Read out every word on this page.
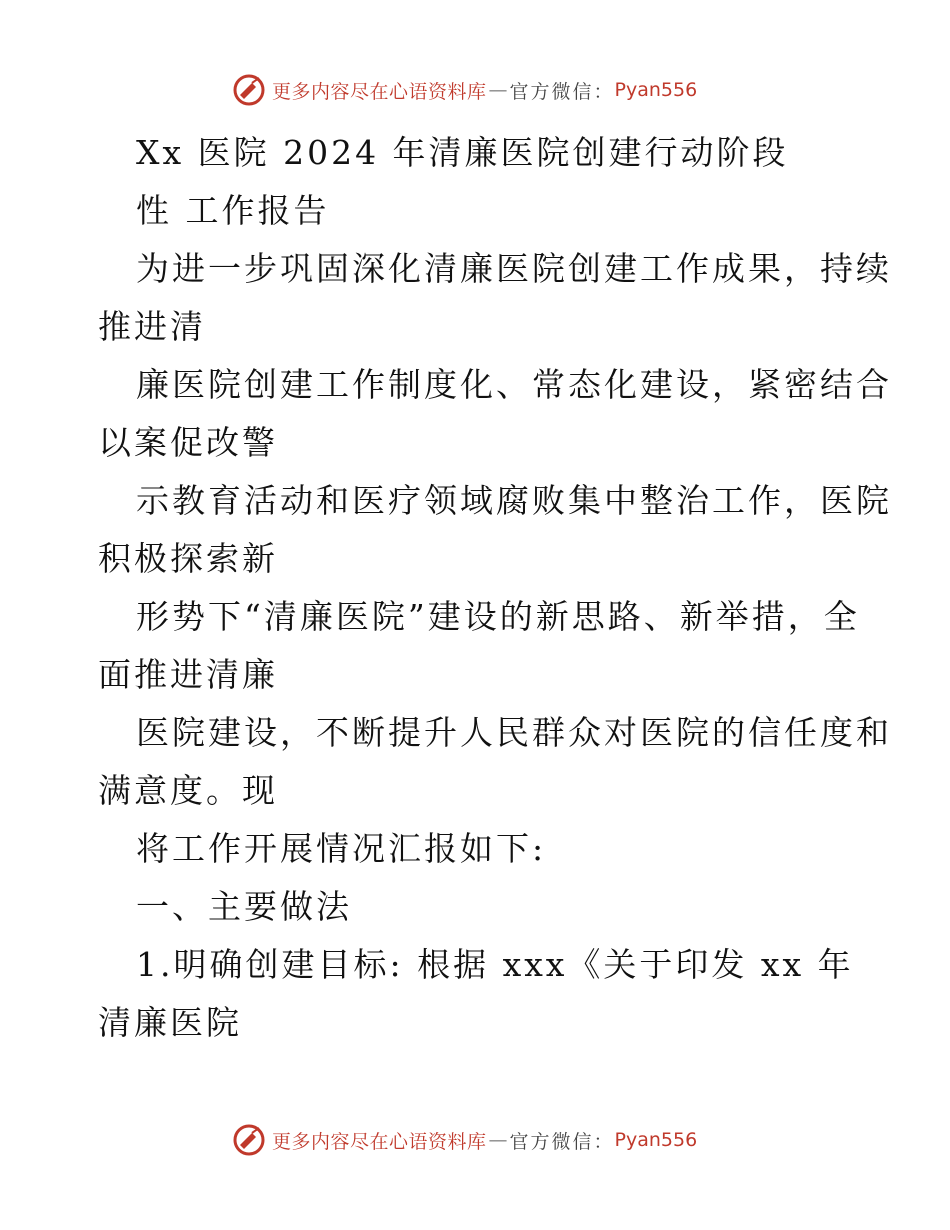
更多内容尽在心语资料库 — 官方微信： Pyan556
Xx 医院 2024 年清廉医院创建行动阶段
性 工作报告
为进一步巩固深化清廉医院创建工作成果，持续
推进清
廉医院创建工作制度化、常态化建设，紧密结合
以案促改警
示教育活动和医疗领域腐败集中整治工作，医院
积极探索新
形势下“清廉医院”建设的新思路、新举措，全
面推进清廉
医院建设，不断提升人民群众对医院的信任度和
满意度。现
将工作开展情况汇报如下:
一、主要做法
1.明确创建目标: 根据 xxx《关于印发 xx 年
清廉医院
更多内容尽在心语资料库 — 官方微信： Pyan556
